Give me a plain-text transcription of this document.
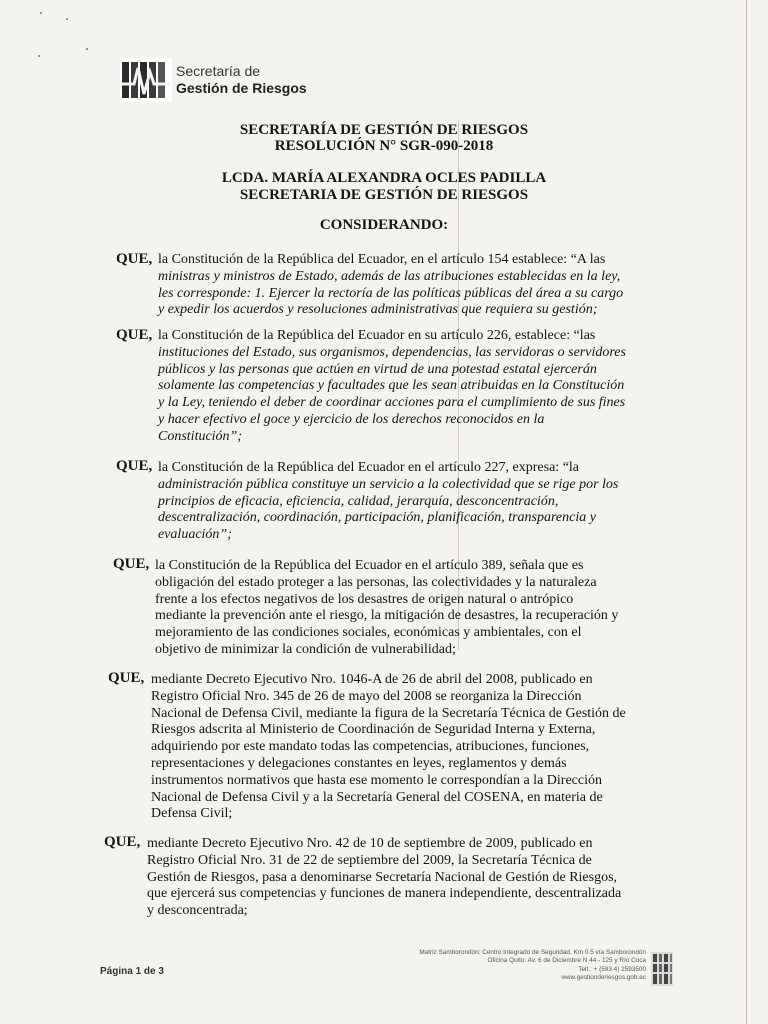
Secretaría de
Gestión de Riesgos
SECRETARÍA DE GESTIÓN DE RIESGOS
RESOLUCIÓN N° SGR-090-2018
LCDA. MARÍA ALEXANDRA OCLES PADILLA
SECRETARIA DE GESTIÓN DE RIESGOS
CONSIDERANDO:
QUE, la Constitución de la República del Ecuador, en el artículo 154 establece: “A las
ministras y ministros de Estado, además de las atribuciones establecidas en la ley,
les corresponde: 1. Ejercer la rectoría de las políticas públicas del área a su cargo
y expedir los acuerdos y resoluciones administrativas que requiera su gestión;
QUE, la Constitución de la República del Ecuador en su artículo 226, establece: “las
instituciones del Estado, sus organismos, dependencias, las servidoras o servidores
públicos y las personas que actúen en virtud de una potestad estatal ejercerán
solamente las competencias y facultades que les sean atribuidas en la Constitución
y la Ley, teniendo el deber de coordinar acciones para el cumplimiento de sus fines
y hacer efectivo el goce y ejercicio de los derechos reconocidos en la
Constitución”;
QUE, la Constitución de la República del Ecuador en el artículo 227, expresa: “la
administración pública constituye un servicio a la colectividad que se rige por los
principios de eficacia, eficiencia, calidad, jerarquía, desconcentración,
descentralización, coordinación, participación, planificación, transparencia y
evaluación”;
QUE, la Constitución de la República del Ecuador en el artículo 389, señala que es
obligación del estado proteger a las personas, las colectividades y la naturaleza
frente a los efectos negativos de los desastres de origen natural o antrópico
mediante la prevención ante el riesgo, la mitigación de desastres, la recuperación y
mejoramiento de las condiciones sociales, económicas y ambientales, con el
objetivo de minimizar la condición de vulnerabilidad;
QUE, mediante Decreto Ejecutivo Nro. 1046-A de 26 de abril del 2008, publicado en
Registro Oficial Nro. 345 de 26 de mayo del 2008 se reorganiza la Dirección
Nacional de Defensa Civil, mediante la figura de la Secretaría Técnica de Gestión de
Riesgos adscrita al Ministerio de Coordinación de Seguridad Interna y Externa,
adquiriendo por este mandato todas las competencias, atribuciones, funciones,
representaciones y delegaciones constantes en leyes, reglamentos y demás
instrumentos normativos que hasta ese momento le correspondían a la Dirección
Nacional de Defensa Civil y a la Secretaría General del COSENA, en materia de
Defensa Civil;
QUE, mediante Decreto Ejecutivo Nro. 42 de 10 de septiembre de 2009, publicado en
Registro Oficial Nro. 31 de 22 de septiembre del 2009, la Secretaría Técnica de
Gestión de Riesgos, pasa a denominarse Secretaría Nacional de Gestión de Riesgos,
que ejercerá sus competencias y funciones de manera independiente, descentralizada
y desconcentrada;
Página 1 de 3
Matriz Samborondón: Centro Integrado de Seguridad, Km 0.5 vía Samborondón
Oficina Quito: Av. 6 de Diciembre N 44 - 125 y Río Coca
Telf.: + (593 4) 2593500
www.gestionderiesgos.gob.ec
